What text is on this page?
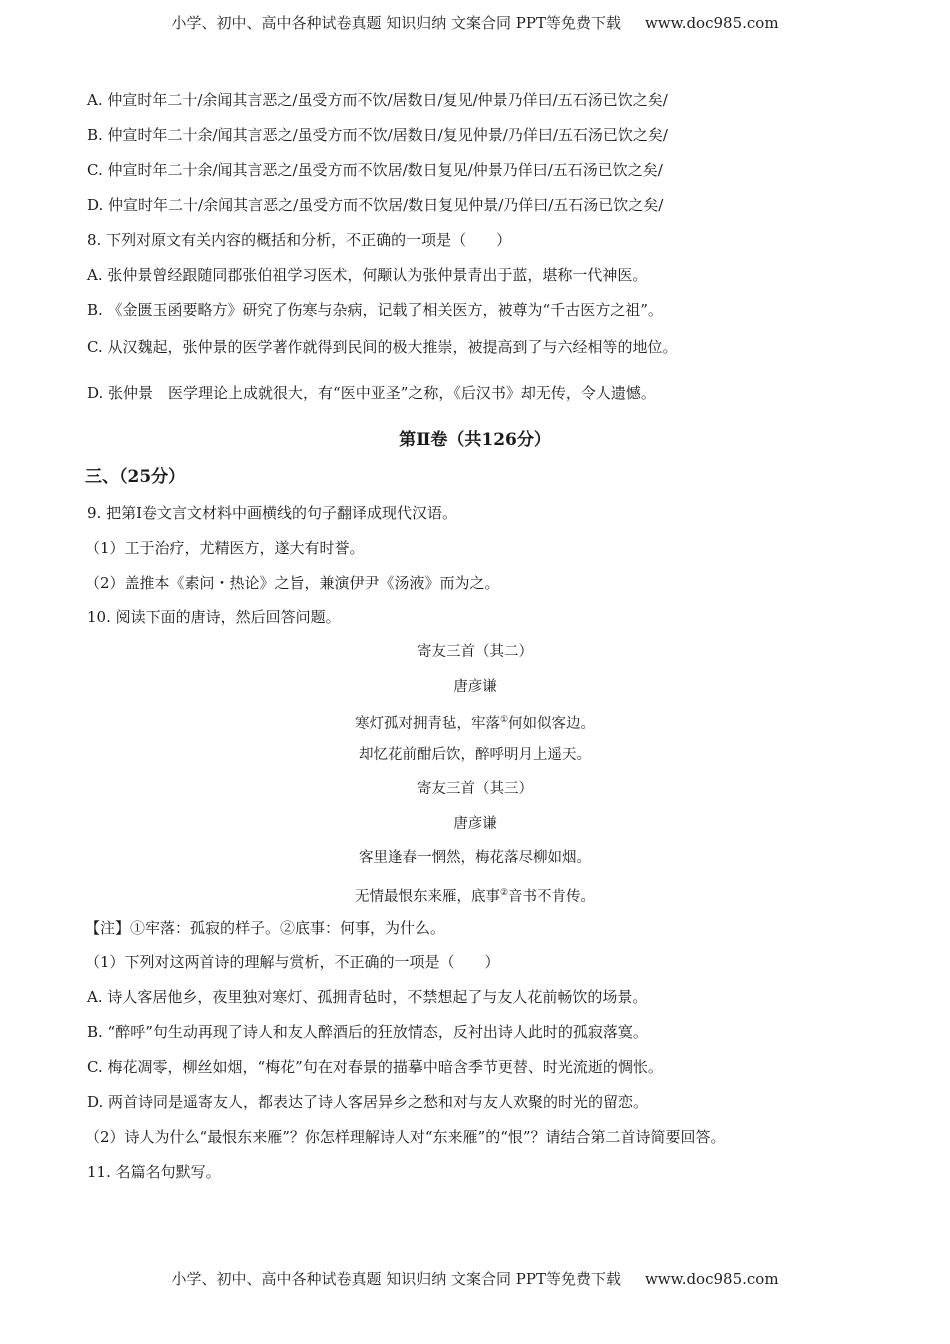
小学、初中、高中各种试卷真题 知识归纳 文案合同 PPT等免费下载 www.doc985.com
A. 仲宣时年二十/余闻其言恶之/虽受方而不饮/居数日/复见/仲景乃佯曰/五石汤已饮之矣/
B. 仲宣时年二十余/闻其言恶之/虽受方而不饮/居数日/复见仲景/乃佯曰/五石汤已饮之矣/
C. 仲宣时年二十余/闻其言恶之/虽受方而不饮居/数日复见/仲景乃佯曰/五石汤已饮之矣/
D. 仲宣时年二十/余闻其言恶之/虽受方而不饮居/数日复见仲景/乃佯曰/五石汤已饮之矣/
8. 下列对原文有关内容的概括和分析，不正确的一项是（　　）
A. 张仲景曾经跟随同郡张伯祖学习医术，何颙认为张仲景青出于蓝，堪称一代神医。
B. 《金匮玉函要略方》研究了伤寒与杂病，记载了相关医方，被尊为“千古医方之祖”。
C. 从汉魏起，张仲景的医学著作就得到民间的极大推崇，被提高到了与六经相等的地位。
D. 张仲景　医学理论上成就很大，有“医中亚圣”之称，《后汉书》却无传，令人遗憾。
第Ⅱ卷（共126分）
三、（25分）
9. 把第Ⅰ卷文言文材料中画横线的句子翻译成现代汉语。
（1）工于治疗，尤精医方，遂大有时誉。
（2）盖推本《素问・热论》之旨，兼演伊尹《汤液》而为之。
10. 阅读下面的唐诗，然后回答问题。
寄友三首（其二）
唐彦谦
寒灯孤对拥青毡，牢落①何如似客边。
却忆花前酣后饮，醉呼明月上遥天。
寄友三首（其三）
唐彦谦
客里逢春一惘然，梅花落尽柳如烟。
无情最恨东来雁，底事②音书不肯传。
【注】①牢落：孤寂的样子。②底事：何事，为什么。
（1）下列对这两首诗的理解与赏析，不正确的一项是（　　）
A. 诗人客居他乡，夜里独对寒灯、孤拥青毡时，不禁想起了与友人花前畅饮的场景。
B. “醉呼”句生动再现了诗人和友人醉酒后的狂放情态，反衬出诗人此时的孤寂落寞。
C. 梅花凋零，柳丝如烟，“梅花”句在对春景的描摹中暗含季节更替、时光流逝的惆怅。
D. 两首诗同是遥寄友人，都表达了诗人客居异乡之愁和对与友人欢聚的时光的留恋。
（2）诗人为什么“最恨东来雁”？你怎样理解诗人对“东来雁”的“恨”？请结合第二首诗简要回答。
11. 名篇名句默写。
小学、初中、高中各种试卷真题 知识归纳 文案合同 PPT等免费下载 www.doc985.com
